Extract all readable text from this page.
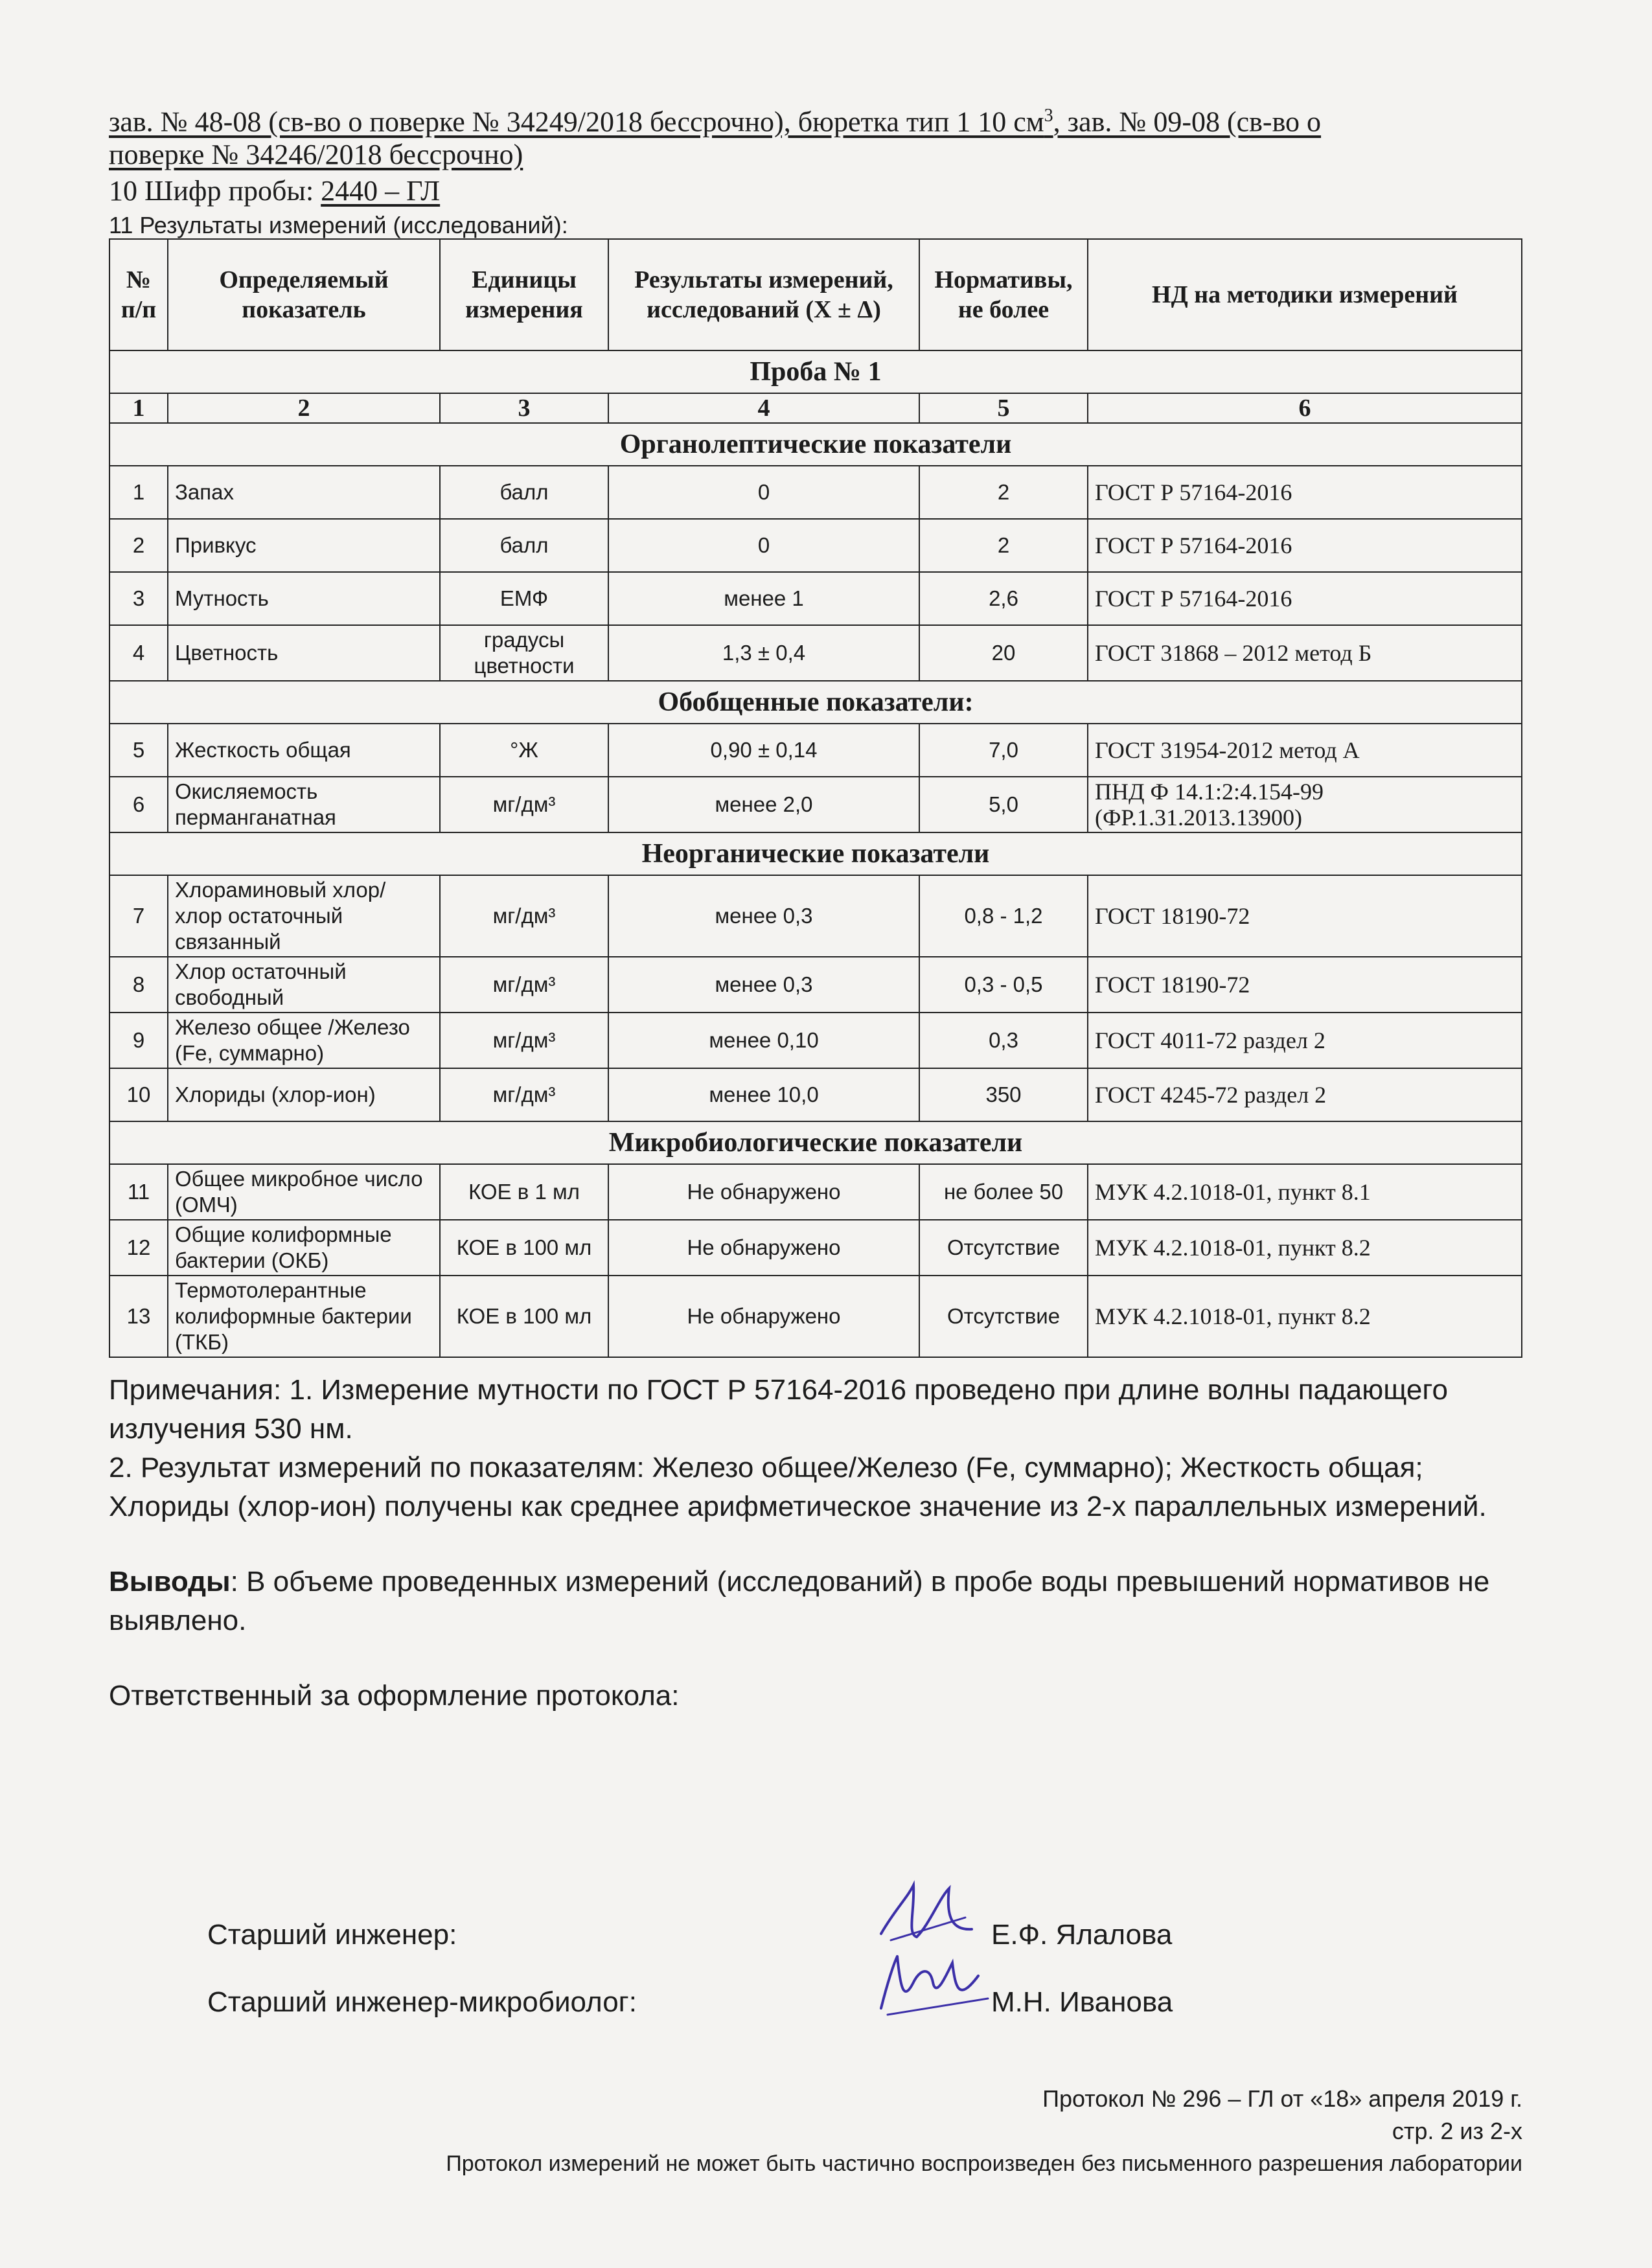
зав. № 48-08 (св-во о поверке № 34249/2018 бессрочно), бюретка тип 1 10 $см^3$, зав. № 09-08 (св-во о
поверке № 34246/2018 бессрочно)
10 Шифр пробы: 2440 – ГЛ
11 Результаты измерений (исследований):
№ п/п	Определяемый показатель	Единицы измерения	Результаты измерений, исследований (Х ± Δ)	Нормативы, не более	НД на методики измерений
Проба № 1					
1	2	3	4	5	6
Органолептические показатели					
1	Запах	балл	0	2	ГОСТ Р 57164-2016
2	Привкус	балл	0	2	ГОСТ Р 57164-2016
3	Мутность	ЕМФ	менее 1	2,6	ГОСТ Р 57164-2016
4	Цветность	градусы цветности	1,3 ± 0,4	20	ГОСТ 31868 – 2012 метод Б
Обобщенные показатели:					
5	Жесткость общая	°Ж	0,90 ± 0,14	7,0	ГОСТ 31954-2012 метод А
6	Окисляемость перманганатная	мг/дм³	менее 2,0	5,0	ПНД Ф 14.1:2:4.154-99 (ФР.1.31.2013.13900)
Неорганические показатели					
7	Хлораминовый хлор/хлор остаточный связанный	мг/дм³	менее 0,3	0,8 - 1,2	ГОСТ 18190-72
8	Хлор остаточный свободный	мг/дм³	менее 0,3	0,3 - 0,5	ГОСТ 18190-72
9	Железо общее /Железо (Fe, суммарно)	мг/дм³	менее 0,10	0,3	ГОСТ 4011-72 раздел 2
10	Хлориды (хлор-ион)	мг/дм³	менее 10,0	350	ГОСТ 4245-72 раздел 2
Микробиологические показатели					
11	Общее микробное число (ОМЧ)	КОЕ в 1 мл	Не обнаружено	не более 50	МУК 4.2.1018-01, пункт 8.1
12	Общие колиформные бактерии (ОКБ)	КОЕ в 100 мл	Не обнаружено	Отсутствие	МУК 4.2.1018-01, пункт 8.2
13	Термотолерантные колиформные бактерии (ТКБ)	КОЕ в 100 мл	Не обнаружено	Отсутствие	МУК 4.2.1018-01, пункт 8.2
Примечания: 1. Измерение мутности по ГОСТ Р 57164-2016 проведено при длине волны падающего излучения 530 нм.
2. Результат измерений по показателям: Железо общее/Железо (Fe, суммарно); Жесткость общая; Хлориды (хлор-ион) получены как среднее арифметическое значение из 2-х параллельных измерений.
Выводы: В объеме проведенных измерений (исследований) в пробе воды превышений нормативов не выявлено.
Ответственный за оформление протокола:
Старший инженер:	Е.Ф. Ялалова
Старший инженер-микробиолог:	М.Н. Иванова
Протокол № 296 – ГЛ от «18» апреля 2019 г.
стр. 2 из 2-х
Протокол измерений не может быть частично воспроизведен без письменного разрешения лаборатории
